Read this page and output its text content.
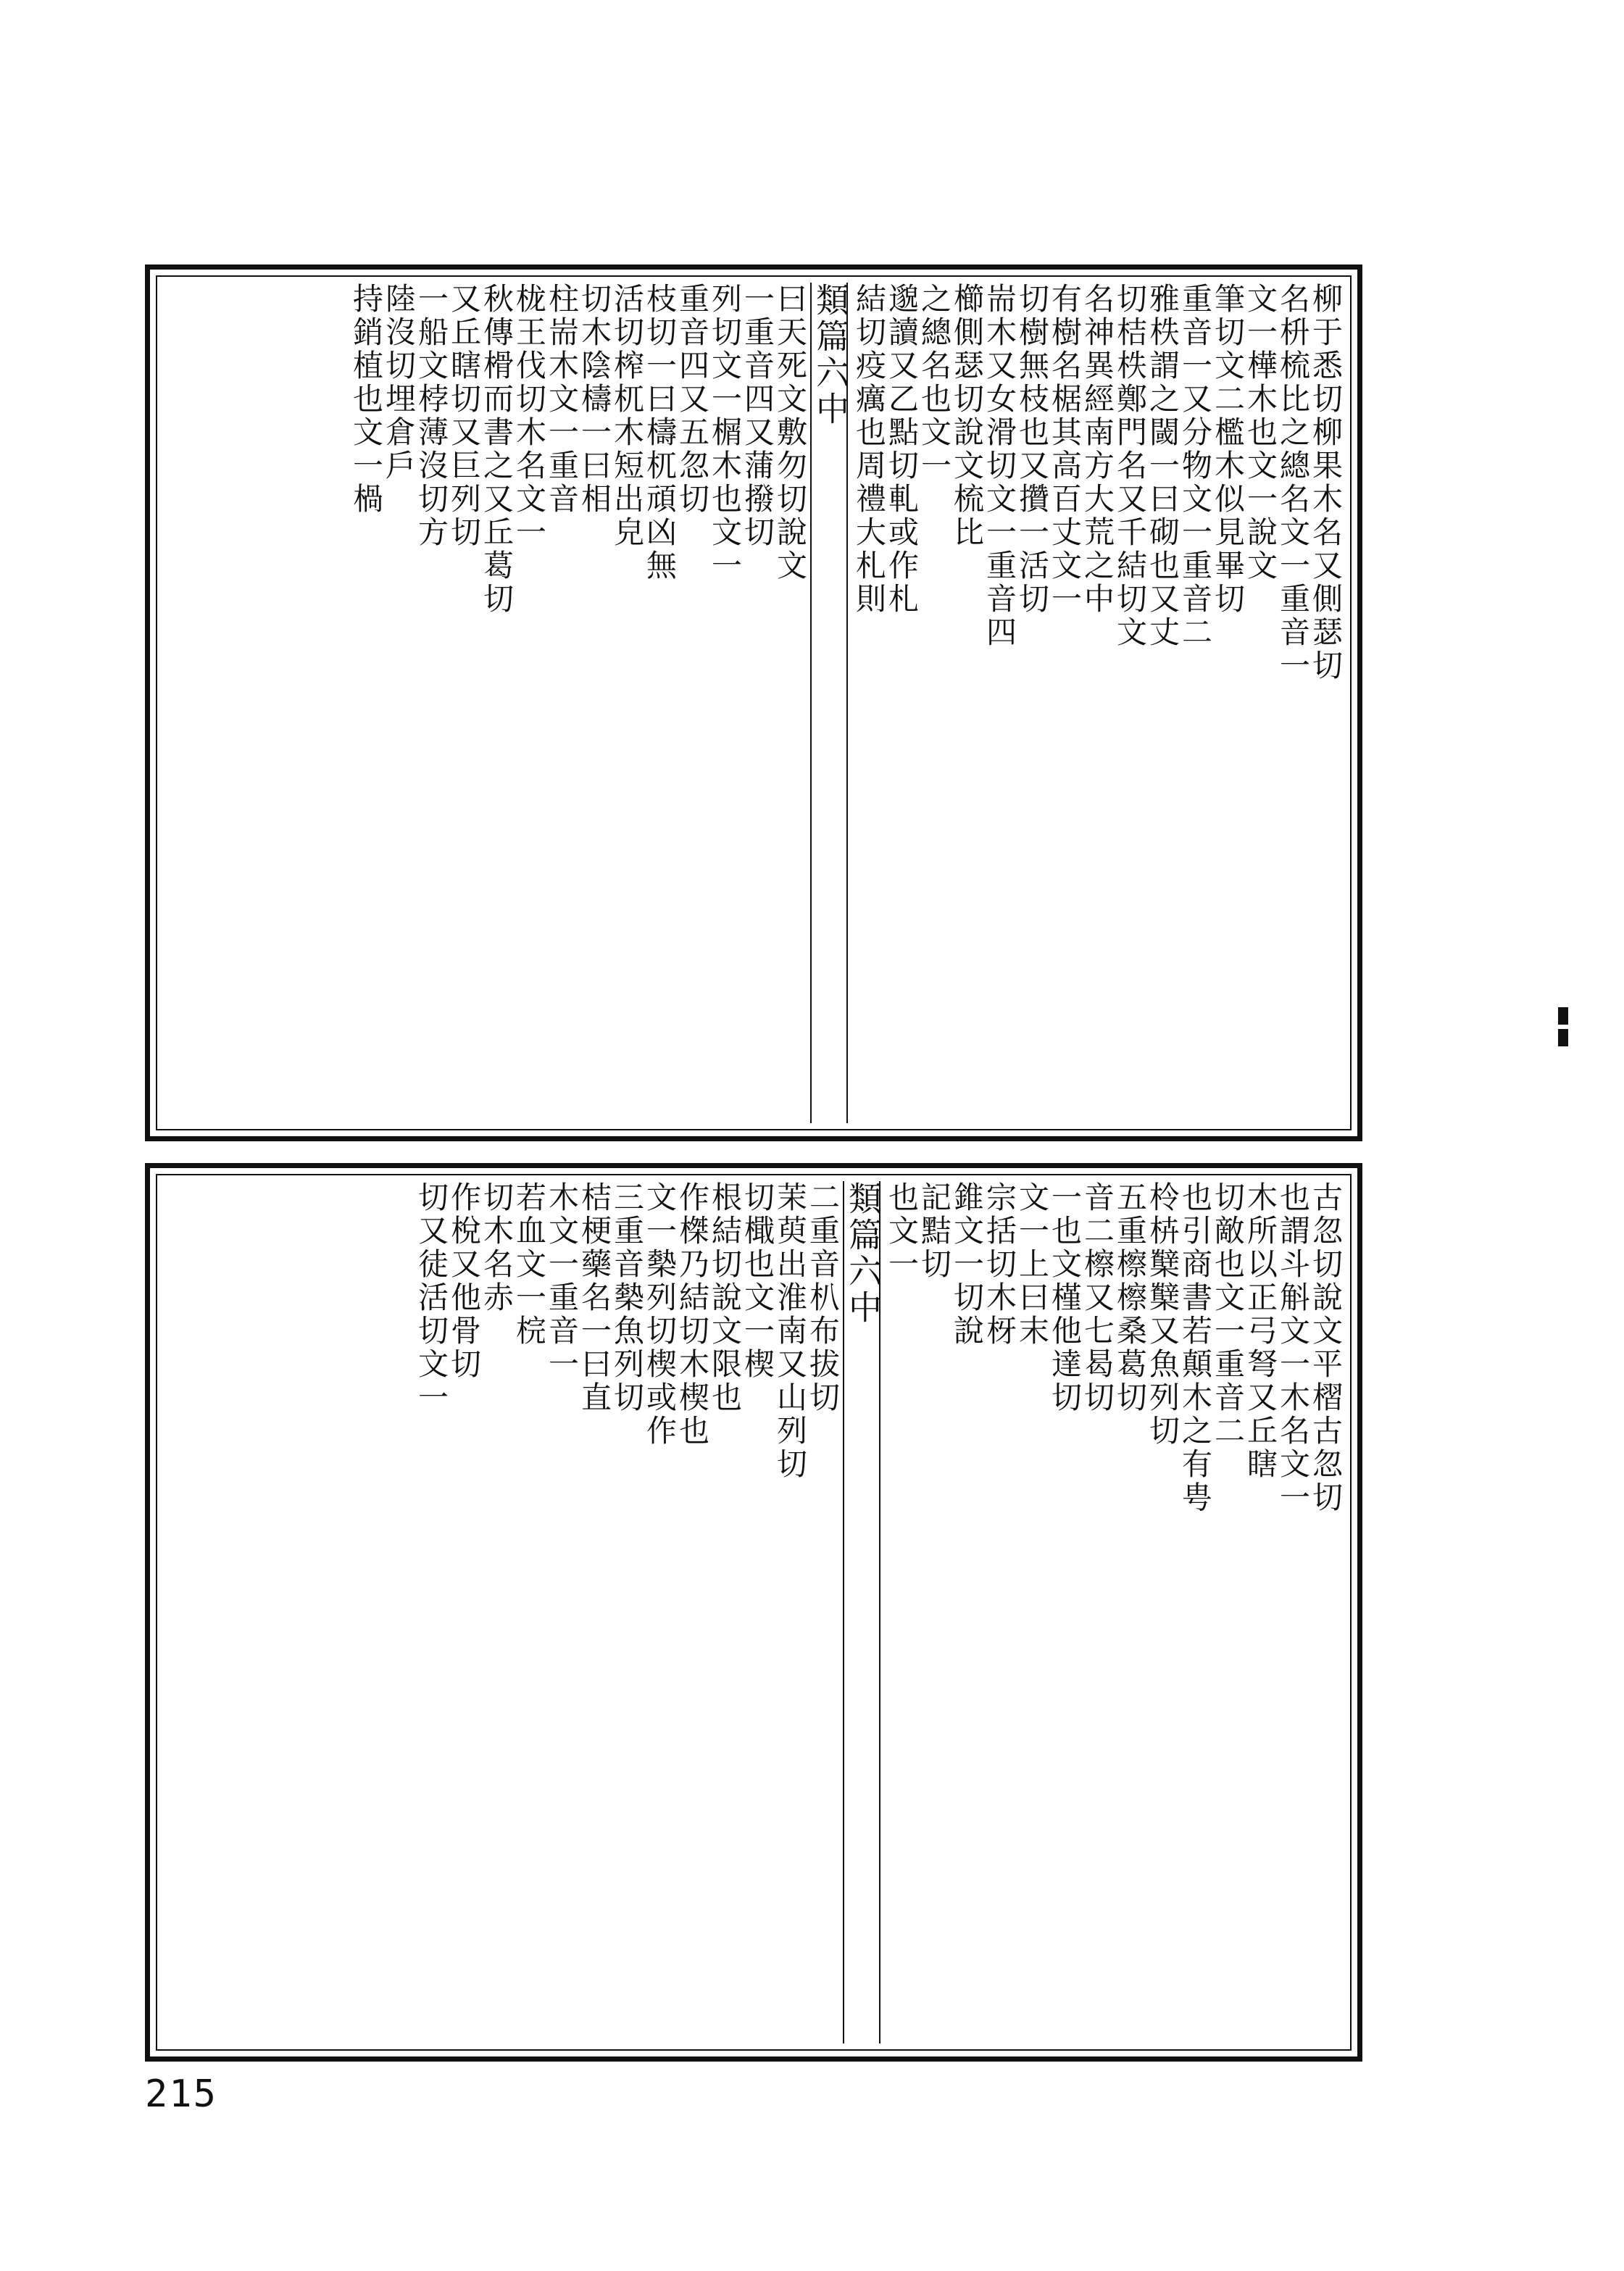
柳于悉切柳果木名又側瑟切
名枡梳比之總名文一重音一
文一樺木也文一說文
筆切文二檻木似見畢切
重音一又分物文一重音二
雅柣謂之閾一曰砌也又丈
切桔柣鄭門名又千結切文
名神異經南方大荒之中
有樹名椐其高百丈文一
切樹無枝也又攢一活切
耑木又女滑切文一重音四
櫛側瑟切說文梳比
之總名也文一
邈讀又乙點切軋或作札
結切疫癘也周禮大札則
類篇六中
曰天死文敷勿切說文
一重音四又蒲撥切
列切文一榍木也文一
重音四又五忽切
枝切一曰檮杌頑凶無
活切榨杌木短出皃
切木陰檮一曰相
柱耑木文一重音
栊王伐切木名文一
秋傳榾而書之又丘葛切
又丘瞎切又巨列切
一船文桲薄沒切方
陸沒切埋倉戶
持銷植也文一楇
古忽切說文平槢古忽切
也謂斗斛文一木名文一
木所以正弓弩又丘瞎
切敵也文一重音二
也引商書若顛木之有甹
柃枿櫱櫱又魚列切
五重檫檫桑葛切
音二檫又七曷切
一也文槿他達切
文一上曰末
宗括切木枒
錐文一切說
記黠切
也文一
類篇六中
二重音朳布拔切
茉萸出淮南又山列切
切檝也文一楔
根結切說文限也
作榤乃結切木楔也
文一槷列切楔或作
三重音槷魚列切
桔梗藥名一曰直
木文一重音一
若血文一梡
切木名赤
作梲又他骨切
切又徒活切文一
215
